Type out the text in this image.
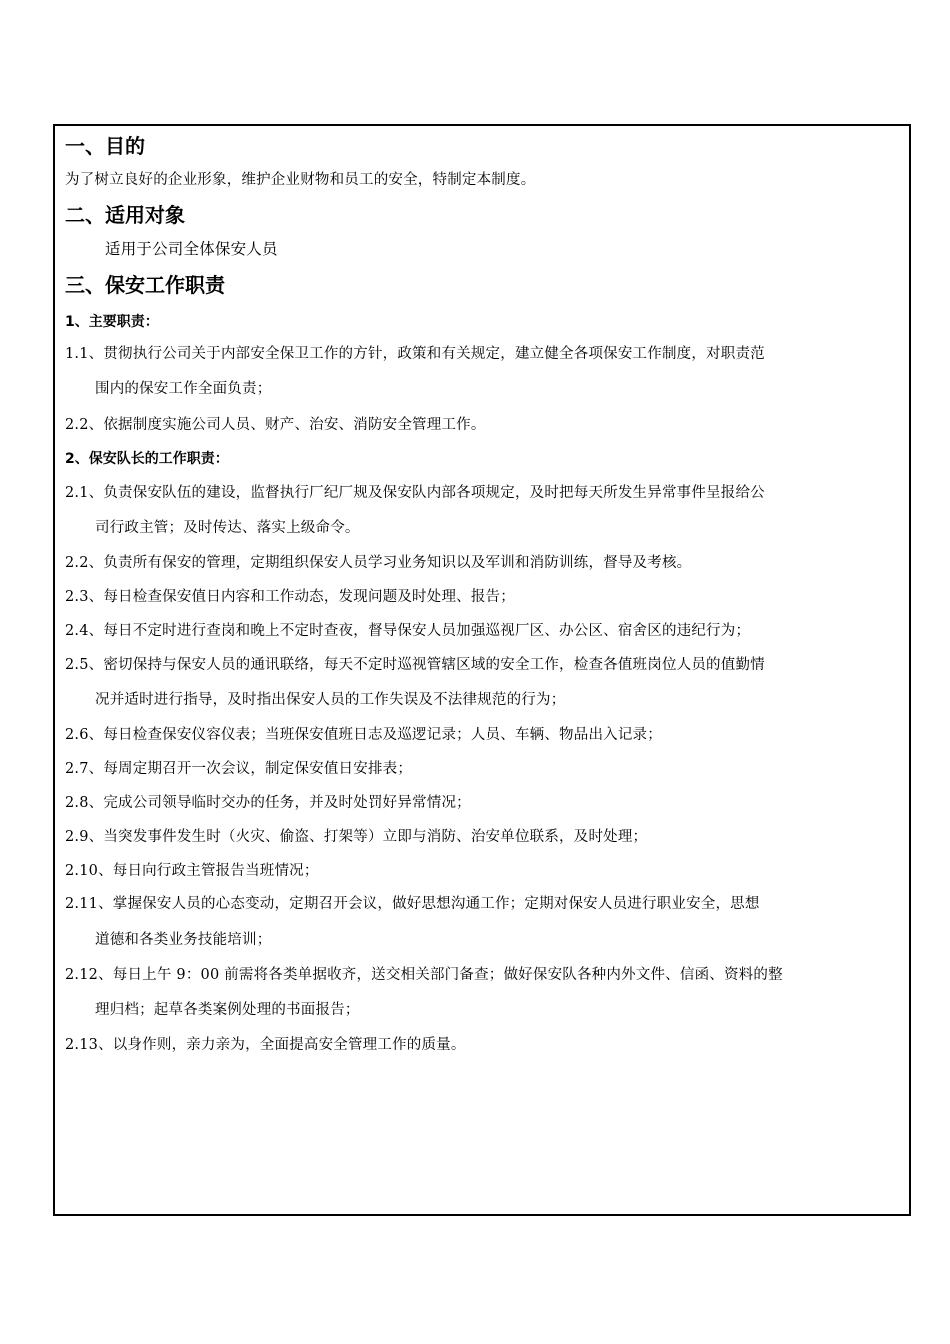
一、目的
为了树立良好的企业形象，维护企业财物和员工的安全，特制定本制度。
二、适用对象
适用于公司全体保安人员
三、保安工作职责
1、主要职责：
1.1、贯彻执行公司关于内部安全保卫工作的方针，政策和有关规定，建立健全各项保安工作制度，对职责范
围内的保安工作全面负责；
2.2、依据制度实施公司人员、财产、治安、消防安全管理工作。
2、保安队长的工作职责：
2.1、负责保安队伍的建设，监督执行厂纪厂规及保安队内部各项规定，及时把每天所发生异常事件呈报给公
司行政主管；及时传达、落实上级命令。
2.2、负责所有保安的管理，定期组织保安人员学习业务知识以及军训和消防训练，督导及考核。
2.3、每日检查保安值日内容和工作动态，发现问题及时处理、报告；
2.4、每日不定时进行查岗和晚上不定时查夜，督导保安人员加强巡视厂区、办公区、宿舍区的违纪行为；
2.5、密切保持与保安人员的通讯联络，每天不定时巡视管辖区域的安全工作，检查各值班岗位人员的值勤情
况并适时进行指导，及时指出保安人员的工作失误及不法律规范的行为；
2.6、每日检查保安仪容仪表；当班保安值班日志及巡逻记录；人员、车辆、物品出入记录；
2.7、每周定期召开一次会议，制定保安值日安排表；
2.8、完成公司领导临时交办的任务，并及时处罚好异常情况；
2.9、当突发事件发生时（火灾、偷盗、打架等）立即与消防、治安单位联系，及时处理；
2.10、每日向行政主管报告当班情况；
2.11、掌握保安人员的心态变动，定期召开会议，做好思想沟通工作；定期对保安人员进行职业安全，思想
道德和各类业务技能培训；
2.12、每日上午 9：00 前需将各类单据收齐，送交相关部门备查；做好保安队各种内外文件、信函、资料的整
理归档；起草各类案例处理的书面报告；
2.13、以身作则，亲力亲为，全面提高安全管理工作的质量。
